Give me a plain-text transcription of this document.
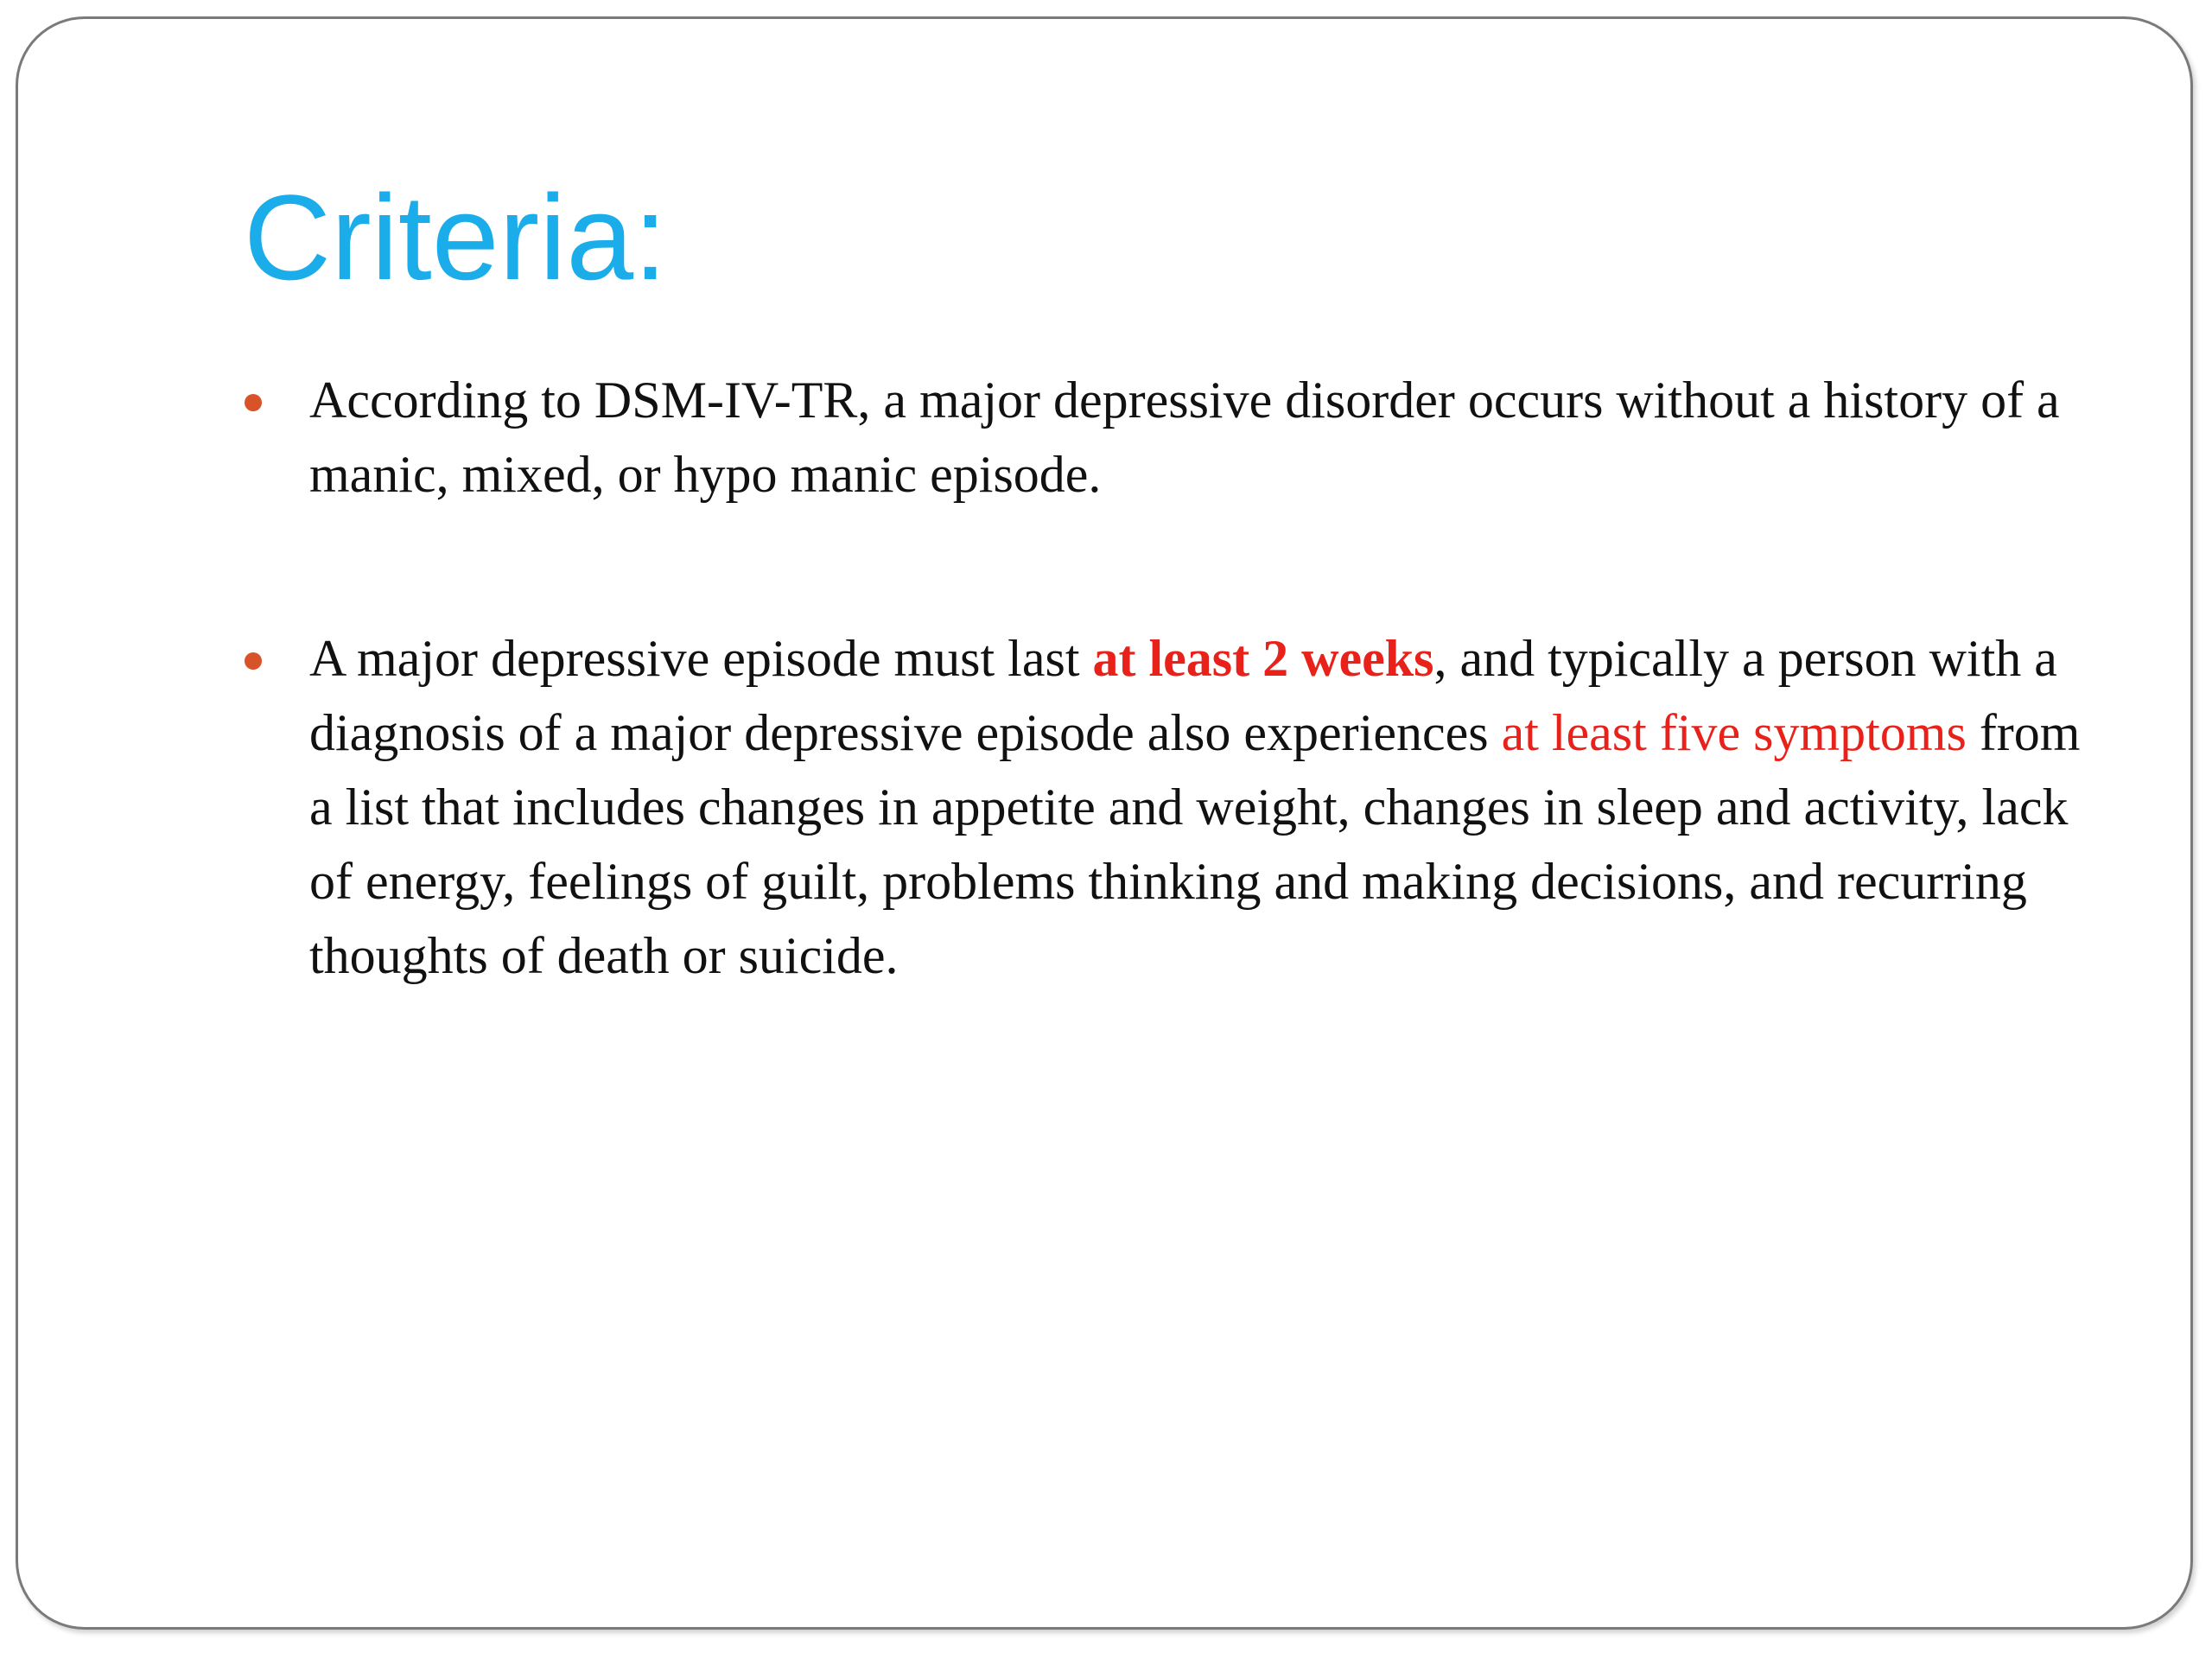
Criteria:
According to DSM-IV-TR, a major depressive disorder occurs without a history of a manic, mixed, or hypo manic episode.
A major depressive episode must last at least 2 weeks, and typically a person with a diagnosis of a major depressive episode also experiences at least five symptoms from a list that includes changes in appetite and weight, changes in sleep and activity, lack of energy, feelings of guilt, problems thinking and making decisions, and recurring thoughts of death or suicide.
